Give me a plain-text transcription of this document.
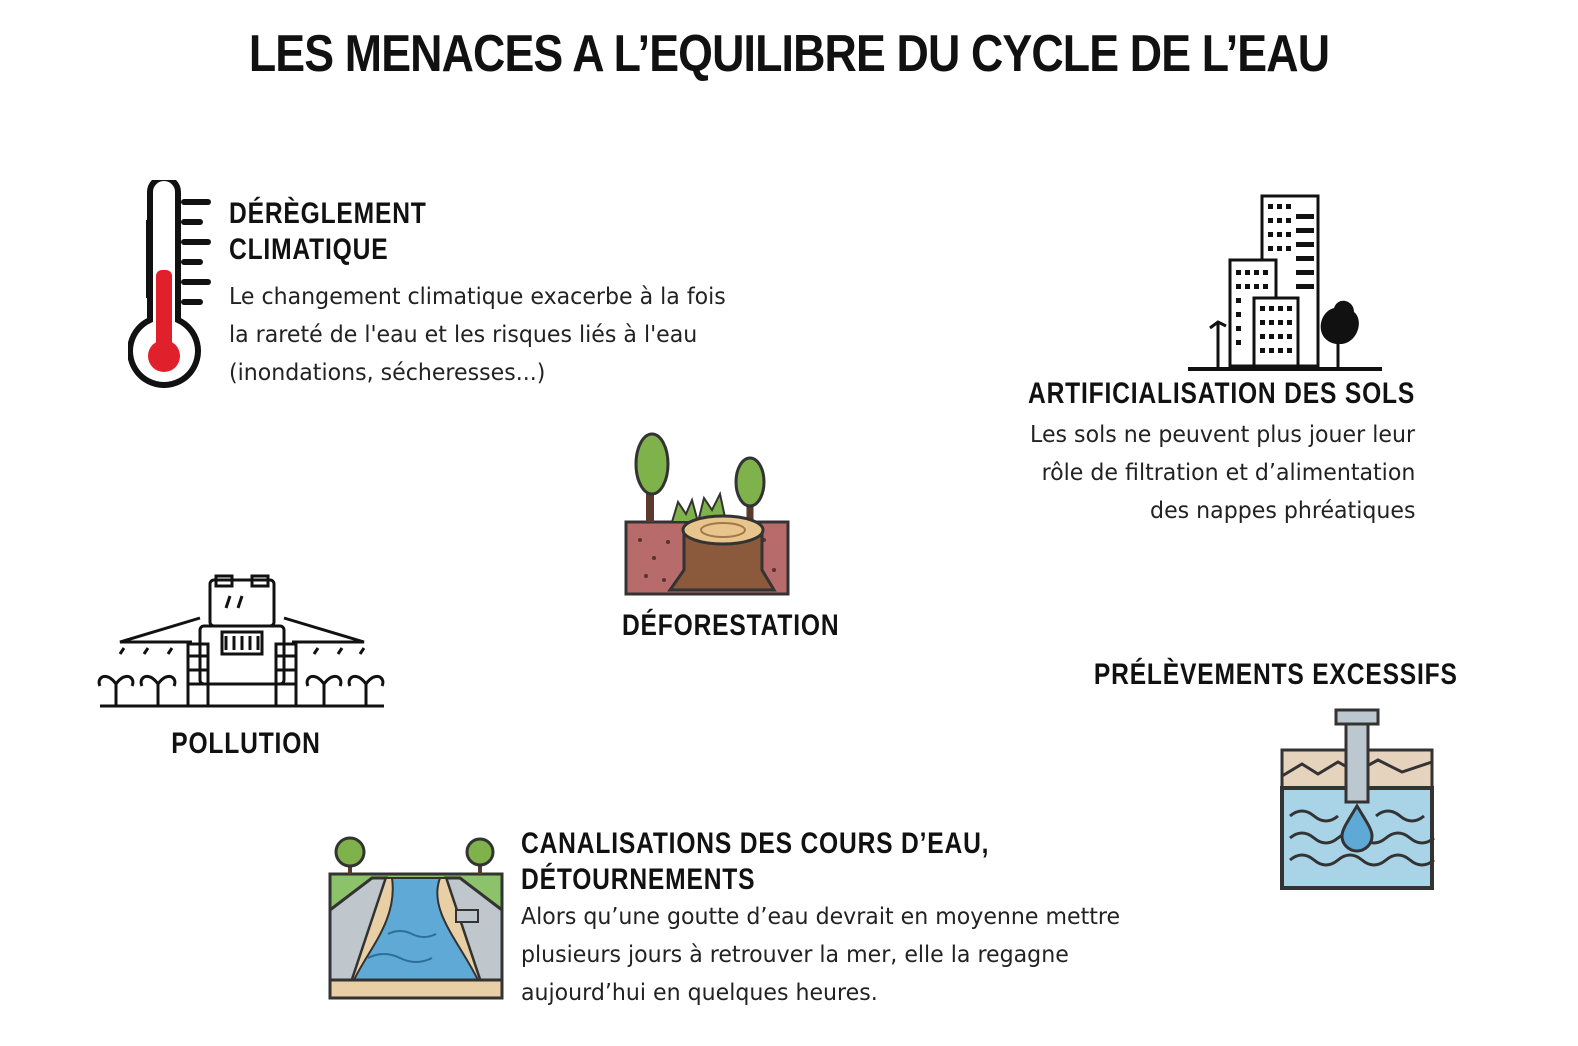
LES MENACES A L’EQUILIBRE DU CYCLE DE L’EAU
DÉRÈGLEMENT
CLIMATIQUE
Le changement climatique exacerbe à la fois
la rareté de l'eau et les risques liés à l'eau
(inondations, sécheresses...)
ARTIFICIALISATION DES SOLS
Les sols ne peuvent plus jouer leur
rôle de filtration et d’alimentation
des nappes phréatiques
DÉFORESTATION
POLLUTION
PRÉLÈVEMENTS EXCESSIFS
CANALISATIONS DES COURS D’EAU,
DÉTOURNEMENTS
Alors qu’une goutte d’eau devrait en moyenne mettre
plusieurs jours à retrouver la mer, elle la regagne
aujourd’hui en quelques heures.
